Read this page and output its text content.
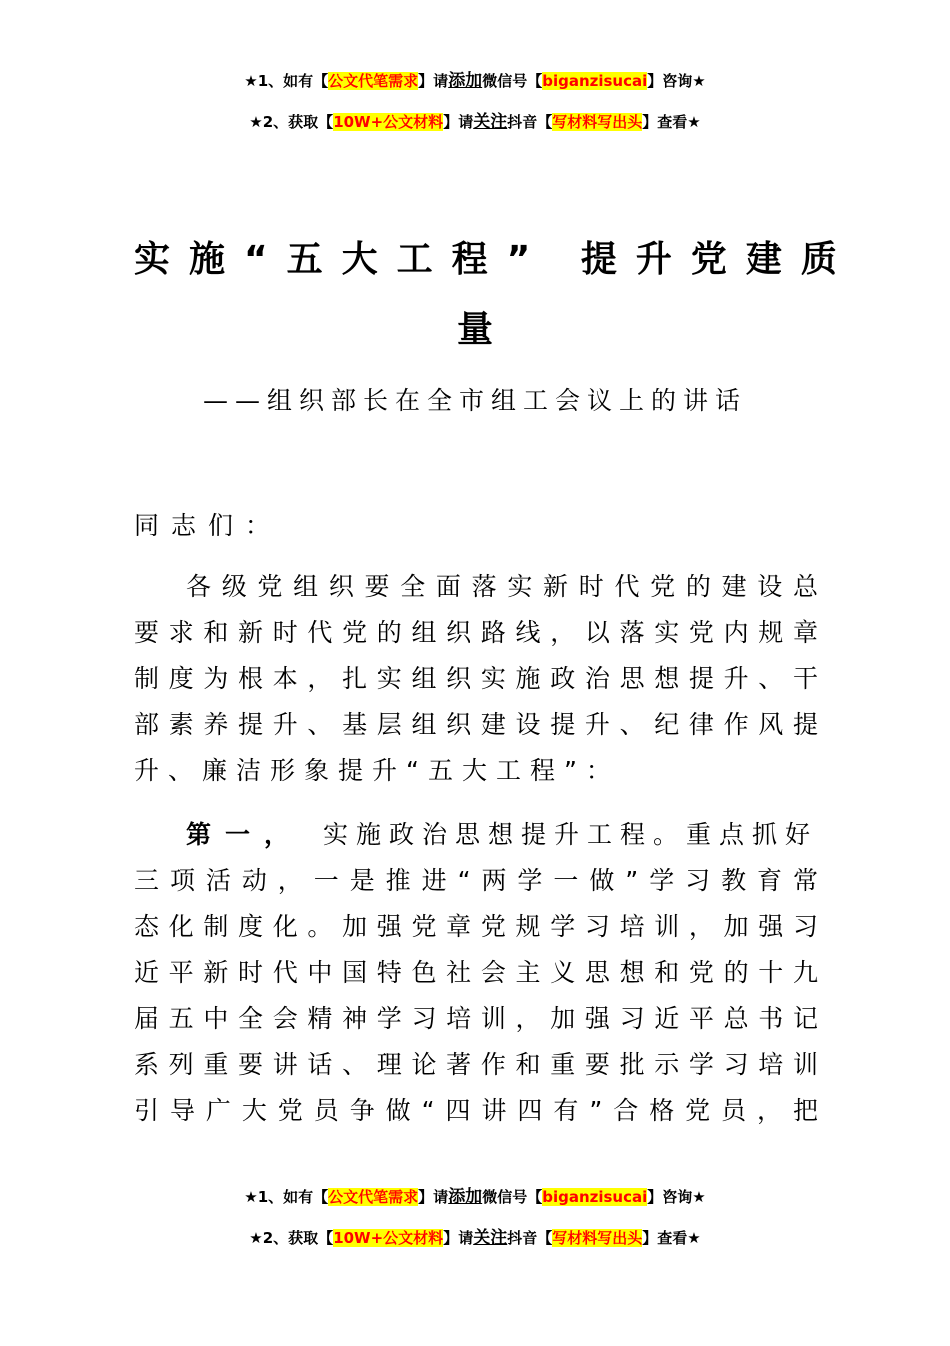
★1、如有【公文代笔需求】请添加微信号【biganzisucai】咨询★
★2、获取【10W+公文材料】请关注抖音【写材料写出头】查看★
实施“五大工程” 提升党建质
量
——组织部长在全市组工会议上的讲话
同志们：
各级党组织要全面落实新时代党的建设总
要求和新时代党的组织路线，以落实党内规章
制度为根本，扎实组织实施政治思想提升、干
部素养提升、基层组织建设提升、纪律作风提
升、廉洁形象提升“五大工程”：
第一， 实施政治思想提升工程。重点抓好
三项活动，一是推进“两学一做”学习教育常
态化制度化。加强党章党规学习培训，加强习
近平新时代中国特色社会主义思想和党的十九
届五中全会精神学习培训，加强习近平总书记
系列重要讲话、理论著作和重要批示学习培训
引导广大党员争做“四讲四有”合格党员，把
★1、如有【公文代笔需求】请添加微信号【biganzisucai】咨询★
★2、获取【10W+公文材料】请关注抖音【写材料写出头】查看★
